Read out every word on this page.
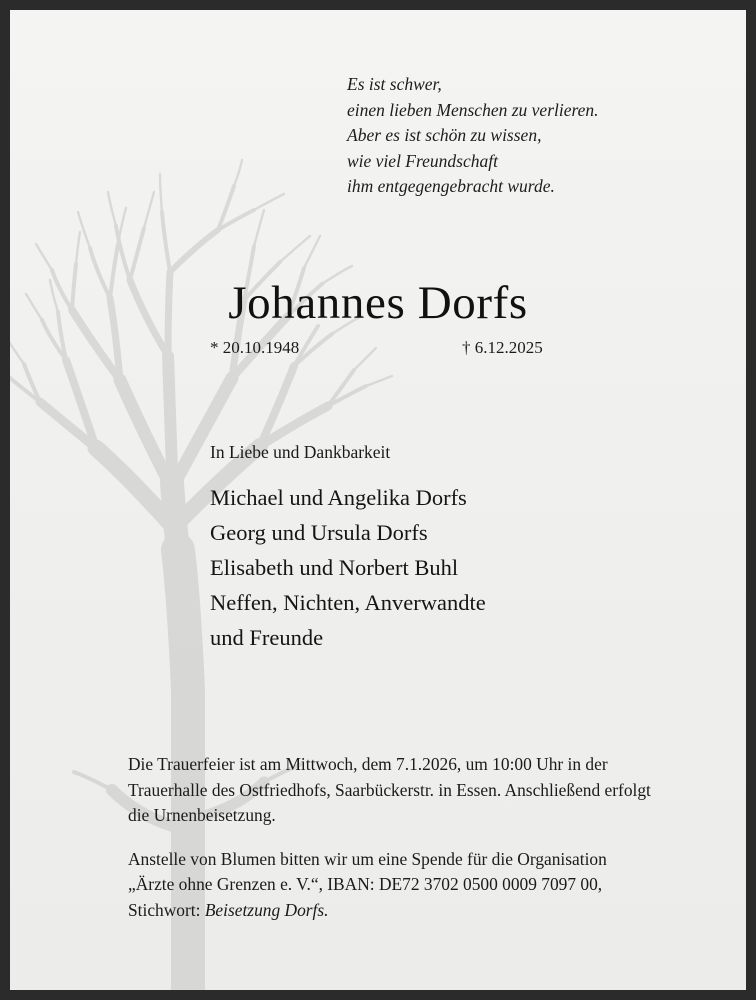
Es ist schwer,
einen lieben Menschen zu verlieren.
Aber es ist schön zu wissen,
wie viel Freundschaft
ihm entgegengebracht wurde.
Johannes Dorfs
* 20.10.1948	† 6.12.2025
In Liebe und Dankbarkeit
Michael und Angelika Dorfs
Georg und Ursula Dorfs
Elisabeth und Norbert Buhl
Neffen, Nichten, Anverwandte
und Freunde

Die Trauerfeier ist am Mittwoch, dem 7.1.2026, um 10:00 Uhr in der Trauerhalle des Ostfriedhofs, Saarbückerstr. in Essen. Anschließend erfolgt die Urnenbeisetzung.

Anstelle von Blumen bitten wir um eine Spende für die Organisation „Ärzte ohne Grenzen e. V.“, IBAN: DE72 3702 0500 0009 7097 00, Stichwort: Beisetzung Dorfs.
